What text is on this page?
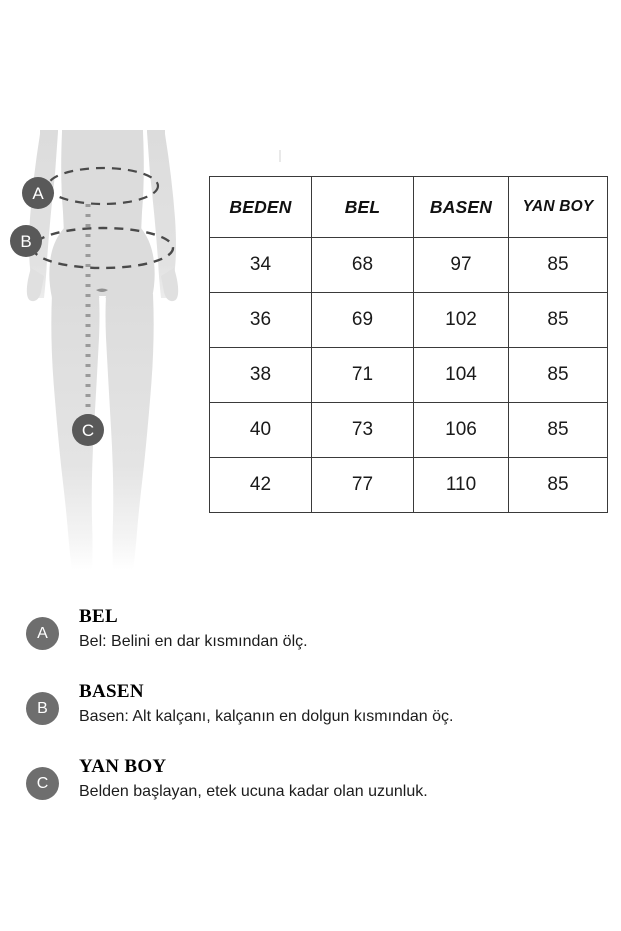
A
B
C
BEDEN	BEL	BASEN	YAN BOY
34	68	97	85
36	69	102	85
38	71	104	85
40	73	106	85
42	77	110	85
A

BEL

Bel: Belini en dar kısmından ölç.

B

BASEN

Basen: Alt kalçanı, kalçanın en dolgun kısmından öç.

C

YAN BOY

Belden başlayan, etek ucuna kadar olan uzunluk.
